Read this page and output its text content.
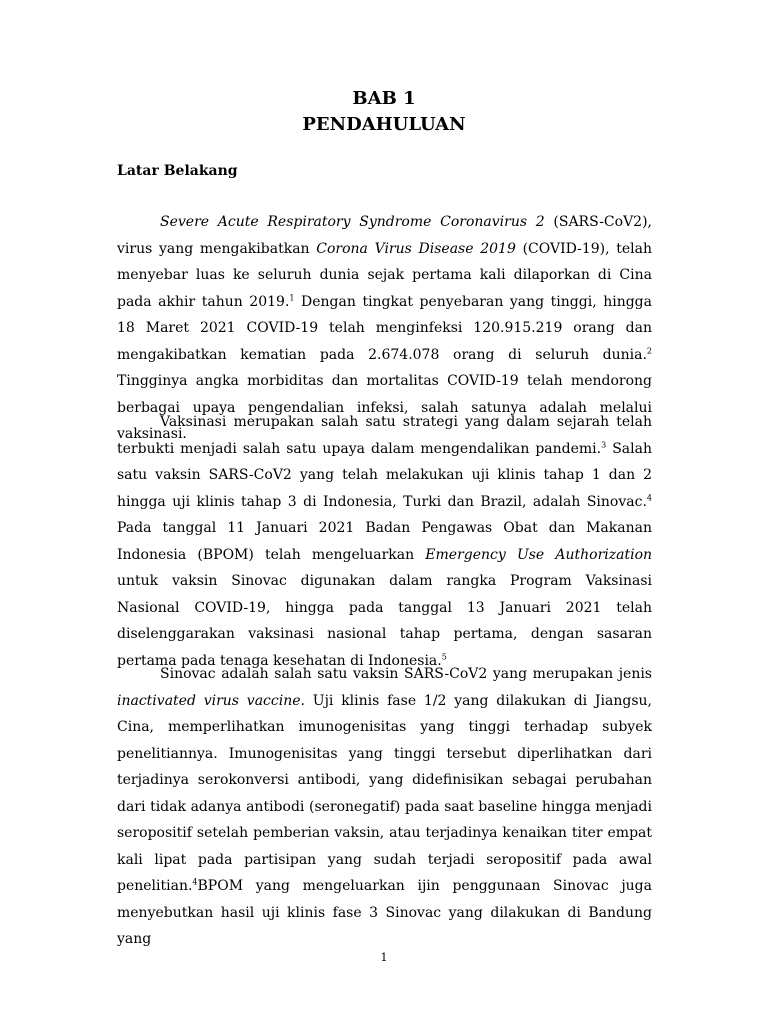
BAB 1
PENDAHULUAN
Latar Belakang

Severe Acute Respiratory Syndrome Coronavirus 2 (SARS-CoV2), virus yang mengakibatkan Corona Virus Disease 2019 (COVID-19), telah menyebar luas ke seluruh dunia sejak pertama kali dilaporkan di Cina pada akhir tahun 2019.$^1$ Dengan tingkat penyebaran yang tinggi, hingga 18 Maret 2021 COVID-19 telah menginfeksi 120.915.219 orang dan mengakibatkan kematian pada 2.674.078 orang di seluruh dunia.$^2$ Tingginya angka morbiditas dan mortalitas COVID-19 telah mendorong berbagai upaya pengendalian infeksi, salah satunya adalah melalui vaksinasi.

Vaksinasi merupakan salah satu strategi yang dalam sejarah telah terbukti menjadi salah satu upaya dalam mengendalikan pandemi.$^3$ Salah satu vaksin SARS-CoV2 yang telah melakukan uji klinis tahap 1 dan 2 hingga uji klinis tahap 3 di Indonesia, Turki dan Brazil, adalah Sinovac.$^4$ Pada tanggal 11 Januari 2021 Badan Pengawas Obat dan Makanan Indonesia (BPOM) telah mengeluarkan Emergency Use Authorization untuk vaksin Sinovac digunakan dalam rangka Program Vaksinasi Nasional COVID-19, hingga pada tanggal 13 Januari 2021 telah diselenggarakan vaksinasi nasional tahap pertama, dengan sasaran pertama pada tenaga kesehatan di Indonesia.$^5$

Sinovac adalah salah satu vaksin SARS-CoV2 yang merupakan jenis inactivated virus vaccine. Uji klinis fase 1/2 yang dilakukan di Jiangsu, Cina, memperlihatkan imunogenisitas yang tinggi terhadap subyek penelitiannya. Imunogenisitas yang tinggi tersebut diperlihatkan dari terjadinya serokonversi antibodi, yang didefinisikan sebagai perubahan dari tidak adanya antibodi (seronegatif) pada saat baseline hingga menjadi seropositif setelah pemberian vaksin, atau terjadinya kenaikan titer empat kali lipat pada partisipan yang sudah terjadi seropositif pada awal penelitian.$^4$BPOM yang mengeluarkan ijin penggunaan Sinovac juga menyebutkan hasil uji klinis fase 3 Sinovac yang dilakukan di Bandung yang

1
